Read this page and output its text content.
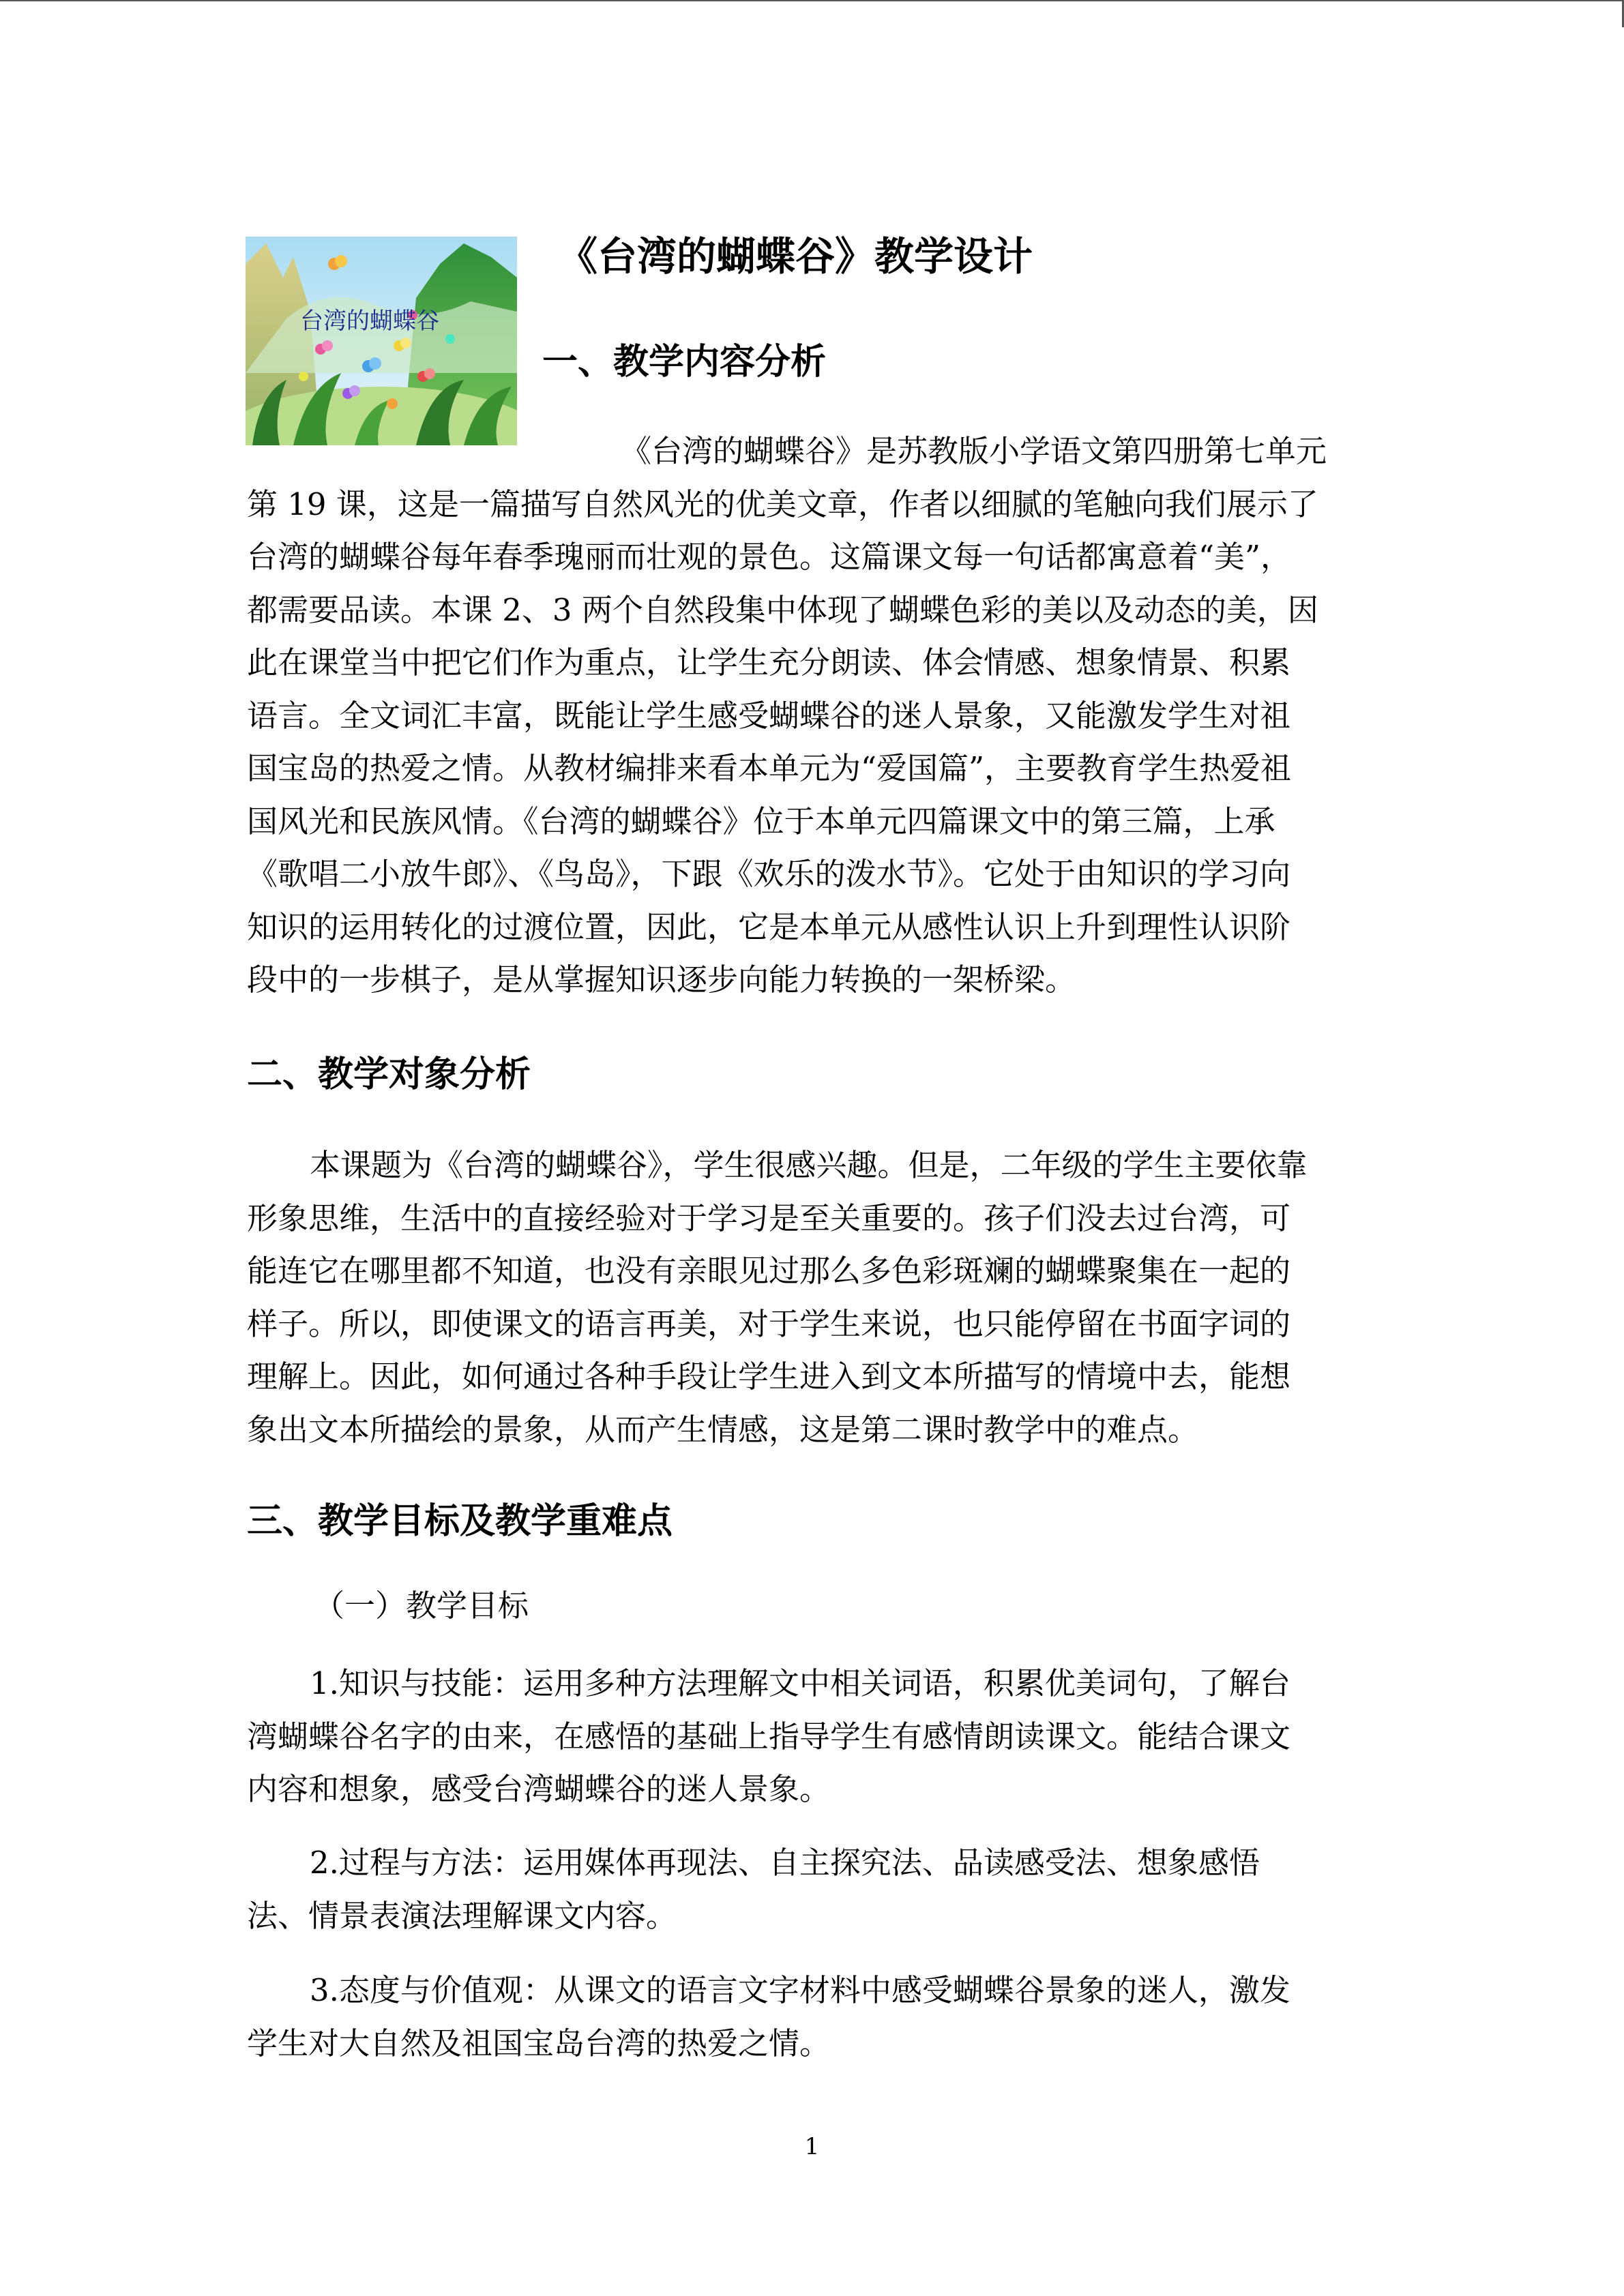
台湾的蝴蝶谷
《台湾的蝴蝶谷》教学设计
一、教学内容分析
《台湾的蝴蝶谷》是苏教版小学语文第四册第七单元
第 19 课，这是一篇描写自然风光的优美文章，作者以细腻的笔触向我们展示了
台湾的蝴蝶谷每年春季瑰丽而壮观的景色。这篇课文每一句话都寓意着“美”，
都需要品读。本课 2、3 两个自然段集中体现了蝴蝶色彩的美以及动态的美，因
此在课堂当中把它们作为重点，让学生充分朗读、体会情感、想象情景、积累
语言。全文词汇丰富，既能让学生感受蝴蝶谷的迷人景象，又能激发学生对祖
国宝岛的热爱之情。从教材编排来看本单元为“爱国篇”，主要教育学生热爱祖
国风光和民族风情。《台湾的蝴蝶谷》位于本单元四篇课文中的第三篇，上承
《歌唱二小放牛郎》、《鸟岛》，下跟《欢乐的泼水节》。它处于由知识的学习向
知识的运用转化的过渡位置，因此，它是本单元从感性认识上升到理性认识阶
段中的一步棋子，是从掌握知识逐步向能力转换的一架桥梁。
二、教学对象分析
本课题为《台湾的蝴蝶谷》，学生很感兴趣。但是，二年级的学生主要依靠
形象思维，生活中的直接经验对于学习是至关重要的。孩子们没去过台湾，可
能连它在哪里都不知道，也没有亲眼见过那么多色彩斑斓的蝴蝶聚集在一起的
样子。所以，即使课文的语言再美，对于学生来说，也只能停留在书面字词的
理解上。因此，如何通过各种手段让学生进入到文本所描写的情境中去，能想
象出文本所描绘的景象，从而产生情感，这是第二课时教学中的难点。
三、教学目标及教学重难点
（一）教学目标
1.知识与技能：运用多种方法理解文中相关词语，积累优美词句，了解台
湾蝴蝶谷名字的由来，在感悟的基础上指导学生有感情朗读课文。能结合课文
内容和想象，感受台湾蝴蝶谷的迷人景象。
2.过程与方法：运用媒体再现法、自主探究法、品读感受法、想象感悟
法、情景表演法理解课文内容。
3.态度与价值观：从课文的语言文字材料中感受蝴蝶谷景象的迷人，激发
学生对大自然及祖国宝岛台湾的热爱之情。
1
